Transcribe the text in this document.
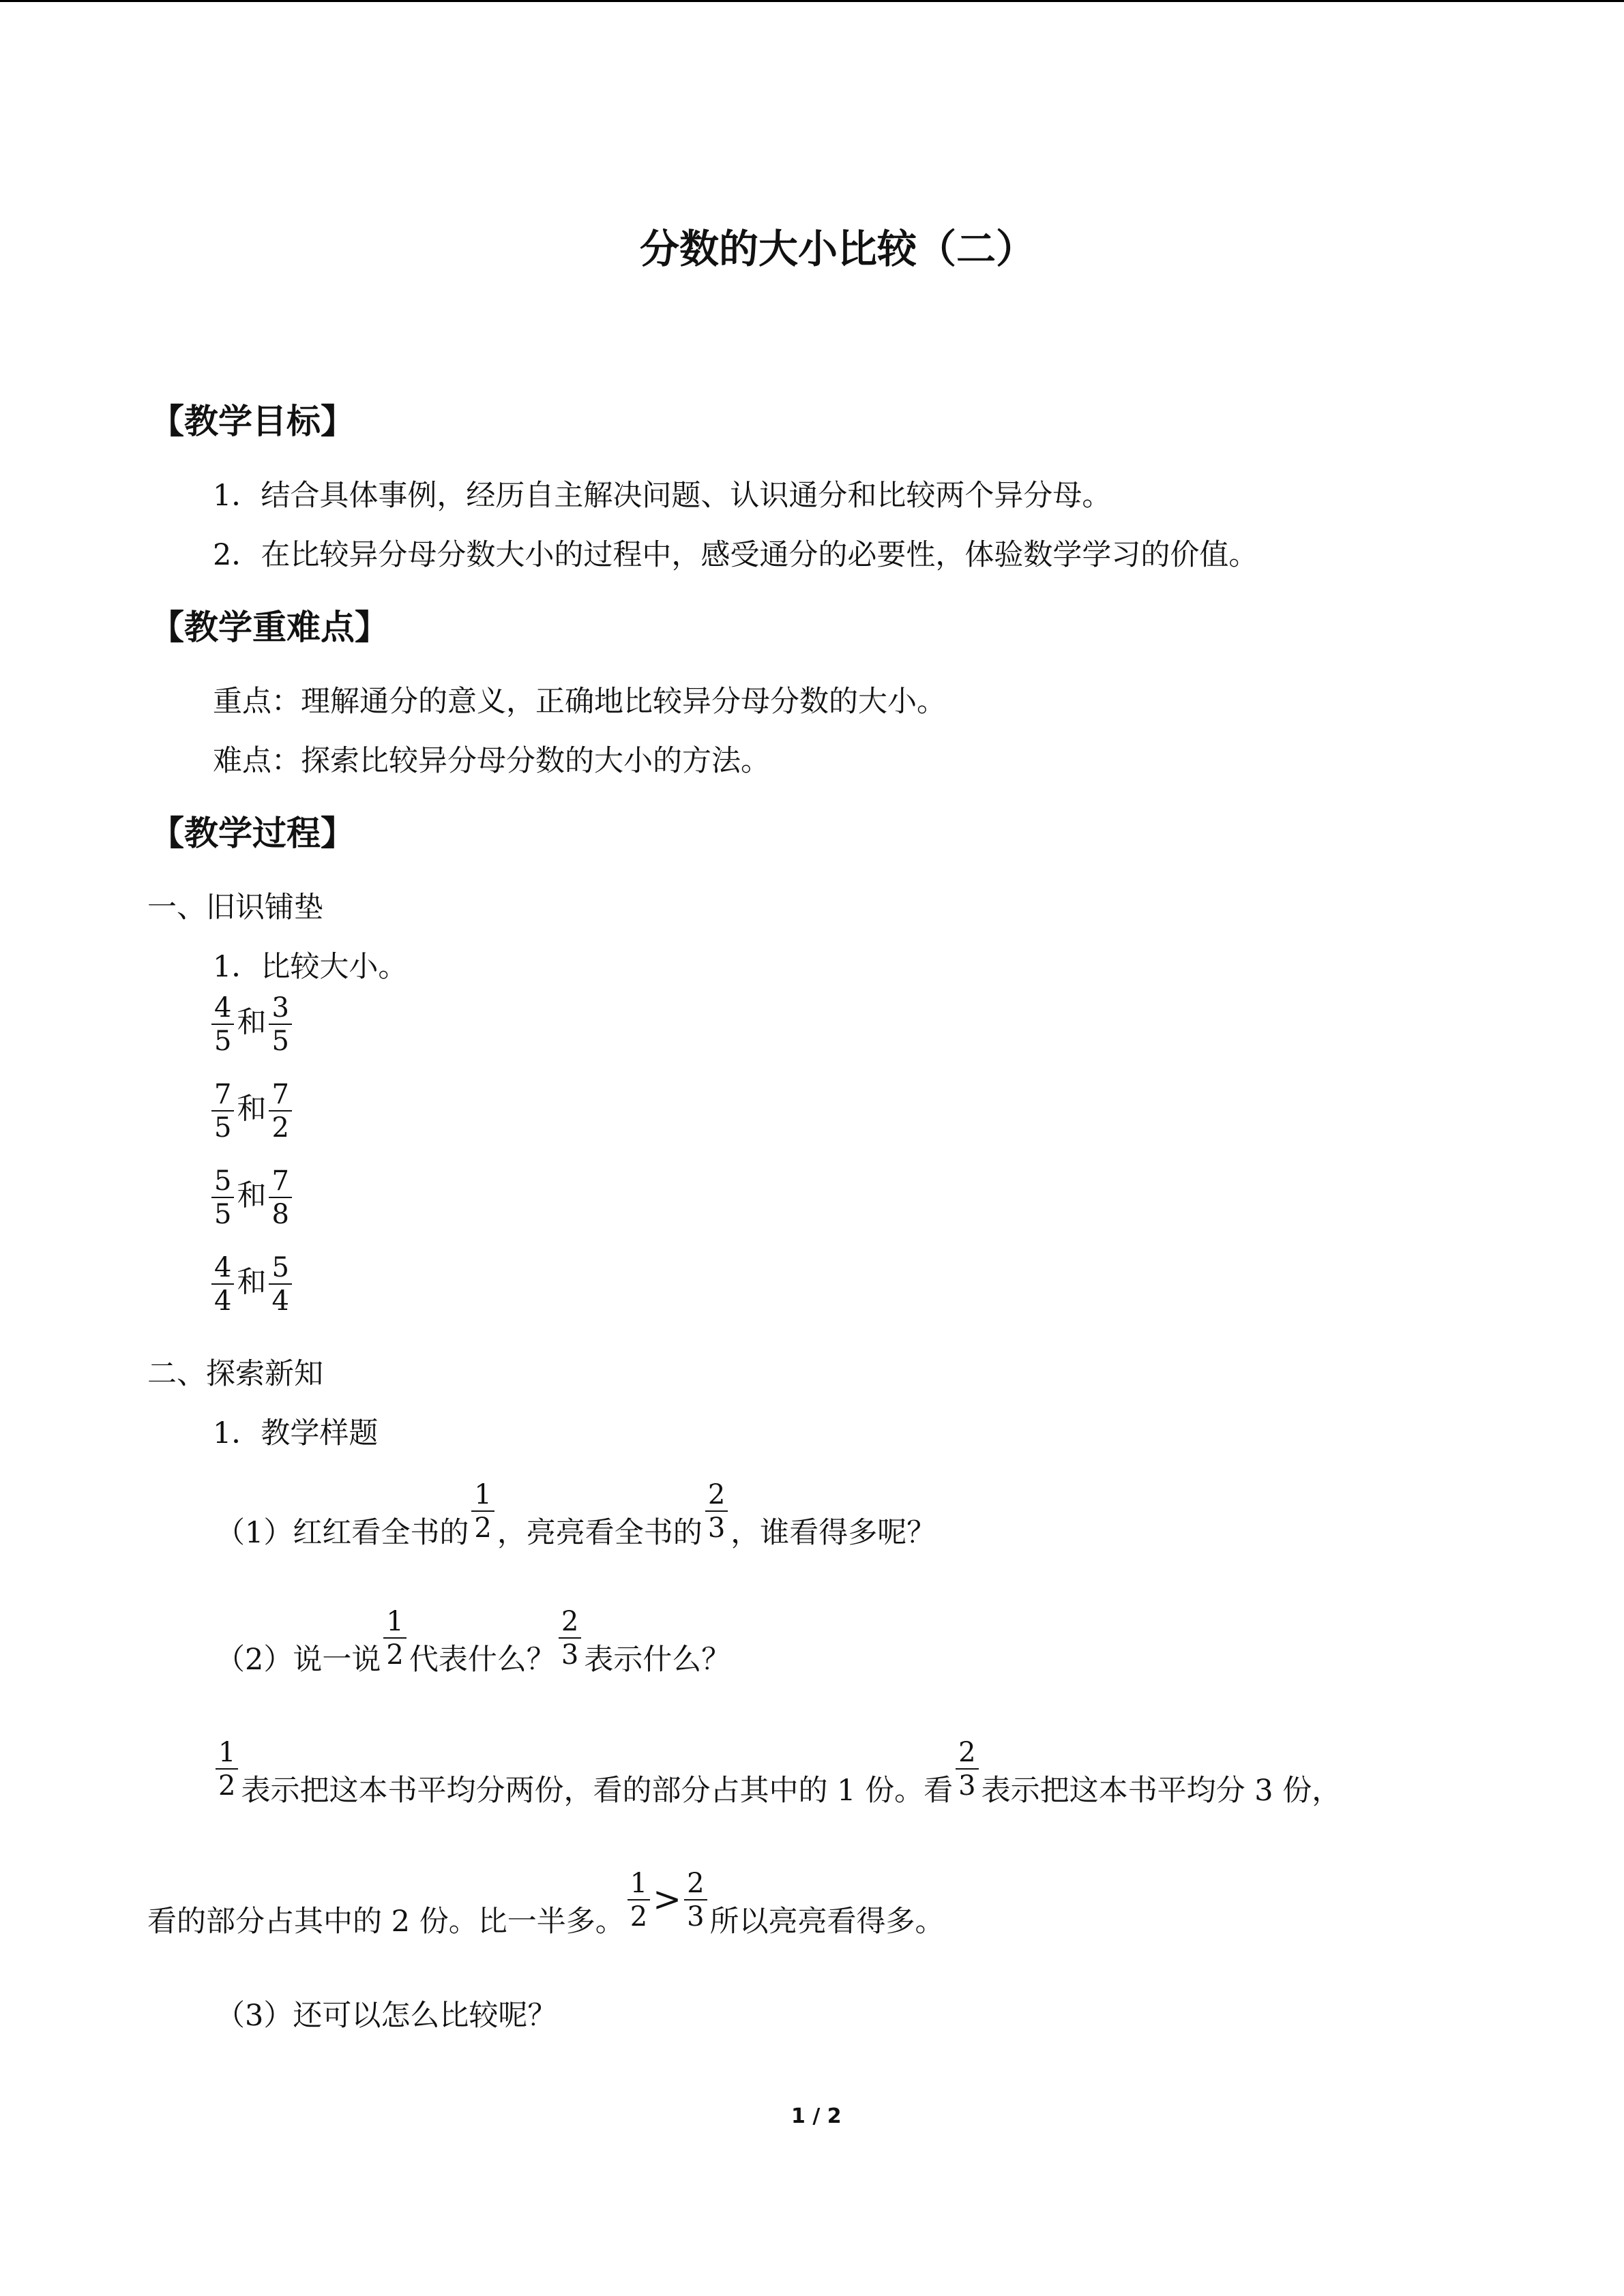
分数的大小比较（二）
【教学目标】
1．结合具体事例，经历自主解决问题、认识通分和比较两个异分母。
2．在比较异分母分数大小的过程中，感受通分的必要性，体验数学学习的价值。
【教学重难点】
重点：理解通分的意义，正确地比较异分母分数的大小。
难点：探索比较异分母分数的大小的方法。
【教学过程】
一、旧识铺垫
1．比较大小。
$\frac{4}{5}$ 和 $\frac{3}{5}$
$\frac{7}{5}$ 和 $\frac{7}{2}$
$\frac{5}{5}$ 和 $\frac{7}{8}$
$\frac{4}{4}$ 和 $\frac{5}{4}$
二、探索新知
1．教学样题
（1）红红看全书的 $\frac{1}{2}$ ，亮亮看全书的 $\frac{2}{3}$ ，谁看得多呢？
（2）说一说 $\frac{1}{2}$ 代表什么？ $\frac{2}{3}$ 表示什么？
$\frac{1}{2}$ 表示把这本书平均分两份，看的部分占其中的 1 份。看 $\frac{2}{3}$ 表示把这本书平均分 3 份，
看的部分占其中的 2 份。比一半多。 $\frac{1}{2} > \frac{2}{3}$ 所以亮亮看得多。
（3）还可以怎么比较呢？
1 / 2
